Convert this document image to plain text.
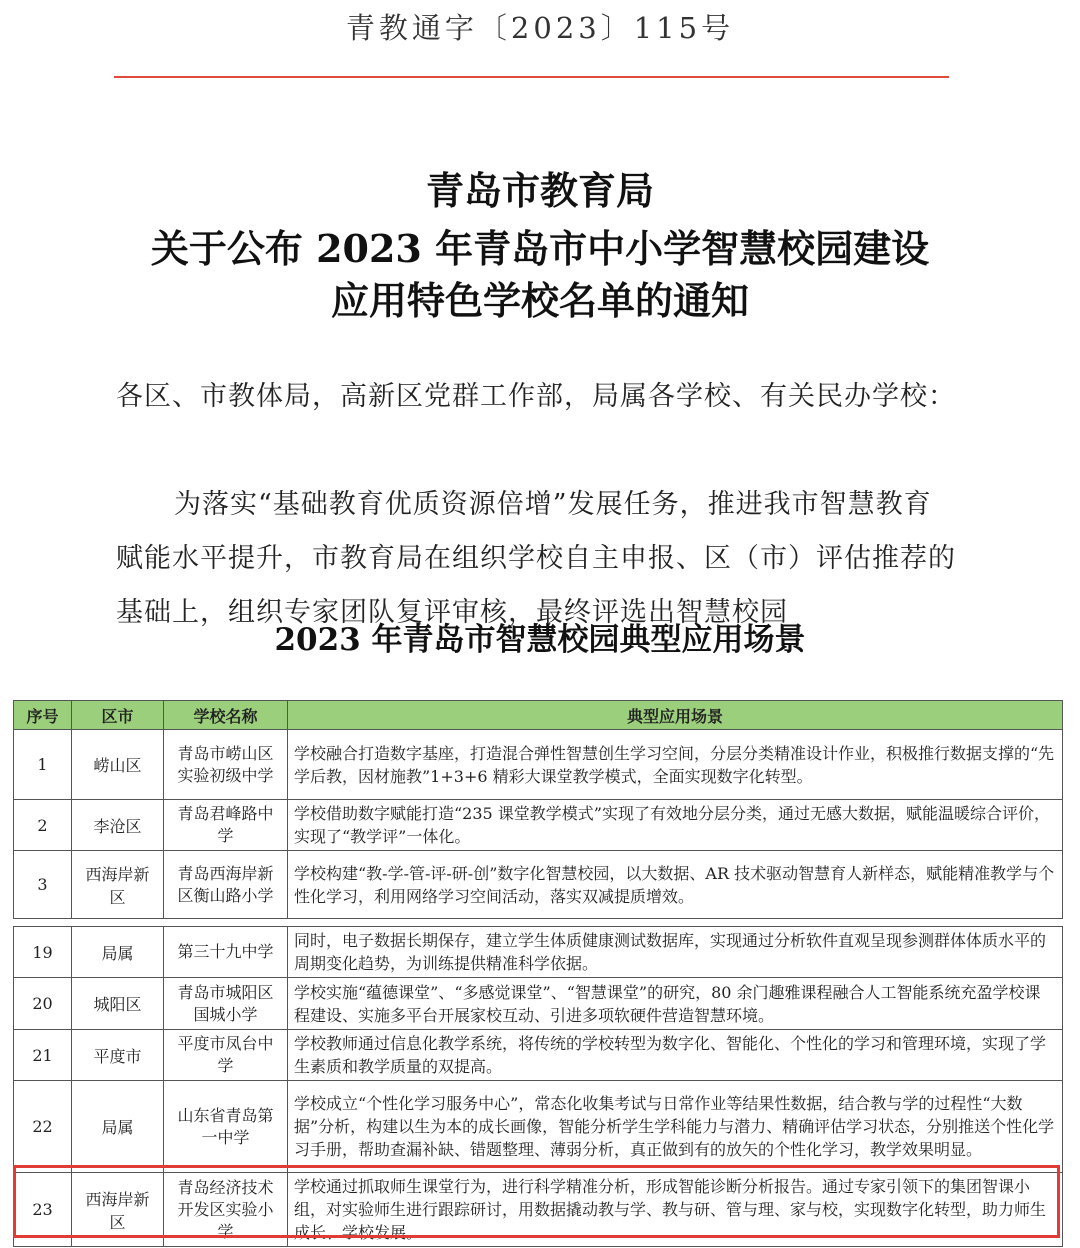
青教通字〔2023〕115号
青岛市教育局
关于公布 2023 年青岛市中小学智慧校园建设
应用特色学校名单的通知
各区、市教体局，高新区党群工作部，局属各学校、有关民办学校：
为落实“基础教育优质资源倍增”发展任务，推进我市智慧教育赋能水平提升，市教育局在组织学校自主申报、区（市）评估推荐的基础上，组织专家团队复评审核，最终评选出智慧校园
2023 年青岛市智慧校园典型应用场景
序号	区市	学校名称	典型应用场景
1	崂山区	青岛市崂山区实验初级中学	学校融合打造数字基座，打造混合弹性智慧创生学习空间，分层分类精准设计作业，积极推行数据支撑的“先学后教，因材施教”1+3+6 精彩大课堂教学模式，全面实现数字化转型。
2	李沧区	青岛君峰路中学	学校借助数字赋能打造“235 课堂教学模式”实现了有效地分层分类，通过无感大数据，赋能温暖综合评价，实现了“教学评”一体化。
3	西海岸新区	青岛西海岸新区衡山路小学	学校构建“教-学-管-评-研-创”数字化智慧校园，以大数据、AR 技术驱动智慧育人新样态，赋能精准教学与个性化学习，利用网络学习空间活动，落实双减提质增效。
19	局属	第三十九中学	同时，电子数据长期保存，建立学生体质健康测试数据库，实现通过分析软件直观呈现参测群体体质水平的周期变化趋势，为训练提供精准科学依据。
20	城阳区	青岛市城阳区国城小学	学校实施“蕴德课堂”、“多感觉课堂”、“智慧课堂”的研究，80 余门趣雅课程融合人工智能系统充盈学校课程建设、实施多平台开展家校互动、引进多项软硬件营造智慧环境。
21	平度市	平度市凤台中学	学校教师通过信息化教学系统，将传统的学校转型为数字化、智能化、个性化的学习和管理环境，实现了学生素质和教学质量的双提高。
22	局属	山东省青岛第一中学	学校成立“个性化学习服务中心”，常态化收集考试与日常作业等结果性数据，结合教与学的过程性“大数据”分析，构建以生为本的成长画像，智能分析学生学科能力与潜力、精确评估学习状态，分别推送个性化学习手册，帮助查漏补缺、错题整理、薄弱分析，真正做到有的放矢的个性化学习，教学效果明显。
23	西海岸新区	青岛经济技术开发区实验小学	学校通过抓取师生课堂行为，进行科学精准分析，形成智能诊断分析报告。通过专家引领下的集团智课小组，对实验师生进行跟踪研讨，用数据撬动教与学、教与研、管与理、家与校，实现数字化转型，助力师生成长、学校发展。
